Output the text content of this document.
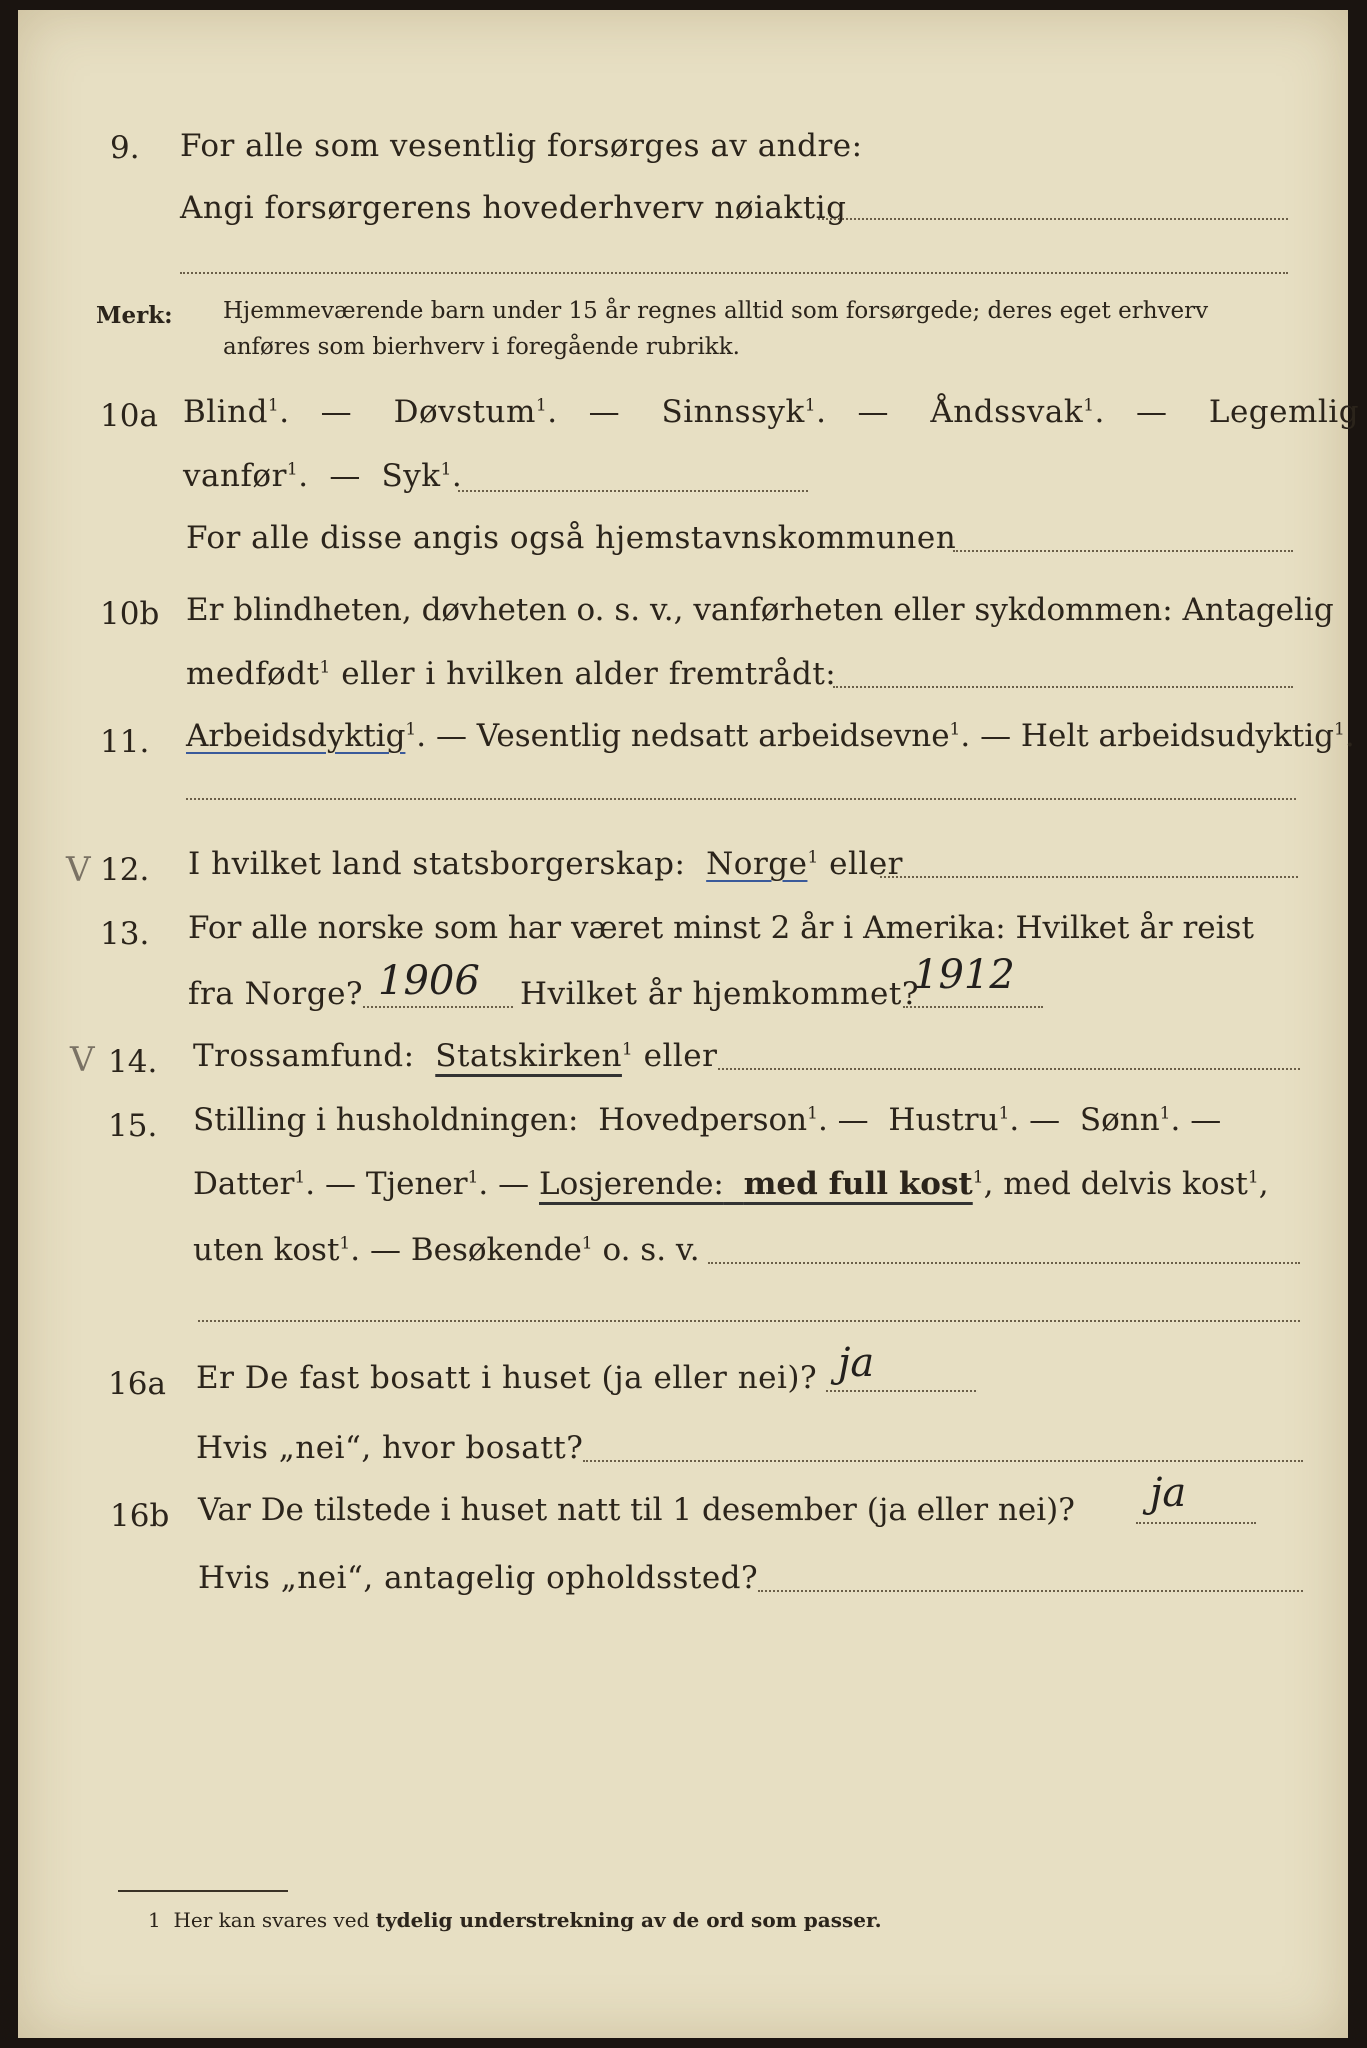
9. For alle som vesentlig forsørges av andre:
Angi forsørgerens hovederhverv nøiaktig
Merk: Hjemmeværende barn under 15 år regnes alltid som forsørgede; deres eget erhverv
anføres som bierhverv i foregående rubrikk.
10a Blind$^1$.   — Døvstum$^1$.   — Sinnssyk$^1$.   — Åndssvak$^1$.   — Legemlig
vanfør$^1$.  — Syk$^1$.
For alle disse angis også hjemstavnskommunen
10b Er blindheten, døvheten o. s. v., vanførheten eller sykdommen: Antagelig
medfødt$^1$ eller i hvilken alder fremtrådt:
11. Arbeidsdyktig$^1$. — Vesentlig nedsatt arbeidsevne$^1$. — Helt arbeidsudyktig$^1$.
V 12. I hvilket land statsborgerskap: Norge$^1$ eller
13. For alle norske som har været minst 2 år i Amerika: Hvilket år reist
fra Norge? 1906 Hvilket år hjemkommet?
1912
V 14. Trossamfund: Statskirken$^1$ eller
15. Stilling i husholdningen: Hovedperson$^1$. — Hustru$^1$. — Sønn$^1$. —
Datter$^1$. — Tjener$^1$. — Losjerende: med full kost$^1$, med delvis kost$^1$,
uten kost$^1$. — Besøkende$^1$ o. s. v.
16a Er De fast bosatt i huset (ja eller nei)? ja
Hvis „nei“, hvor bosatt?
16b Var De tilstede i huset natt til 1 desember (ja eller nei)? ja
Hvis „nei“, antagelig opholdssted?
1 Her kan svares ved tydelig understrekning av de ord som passer.
